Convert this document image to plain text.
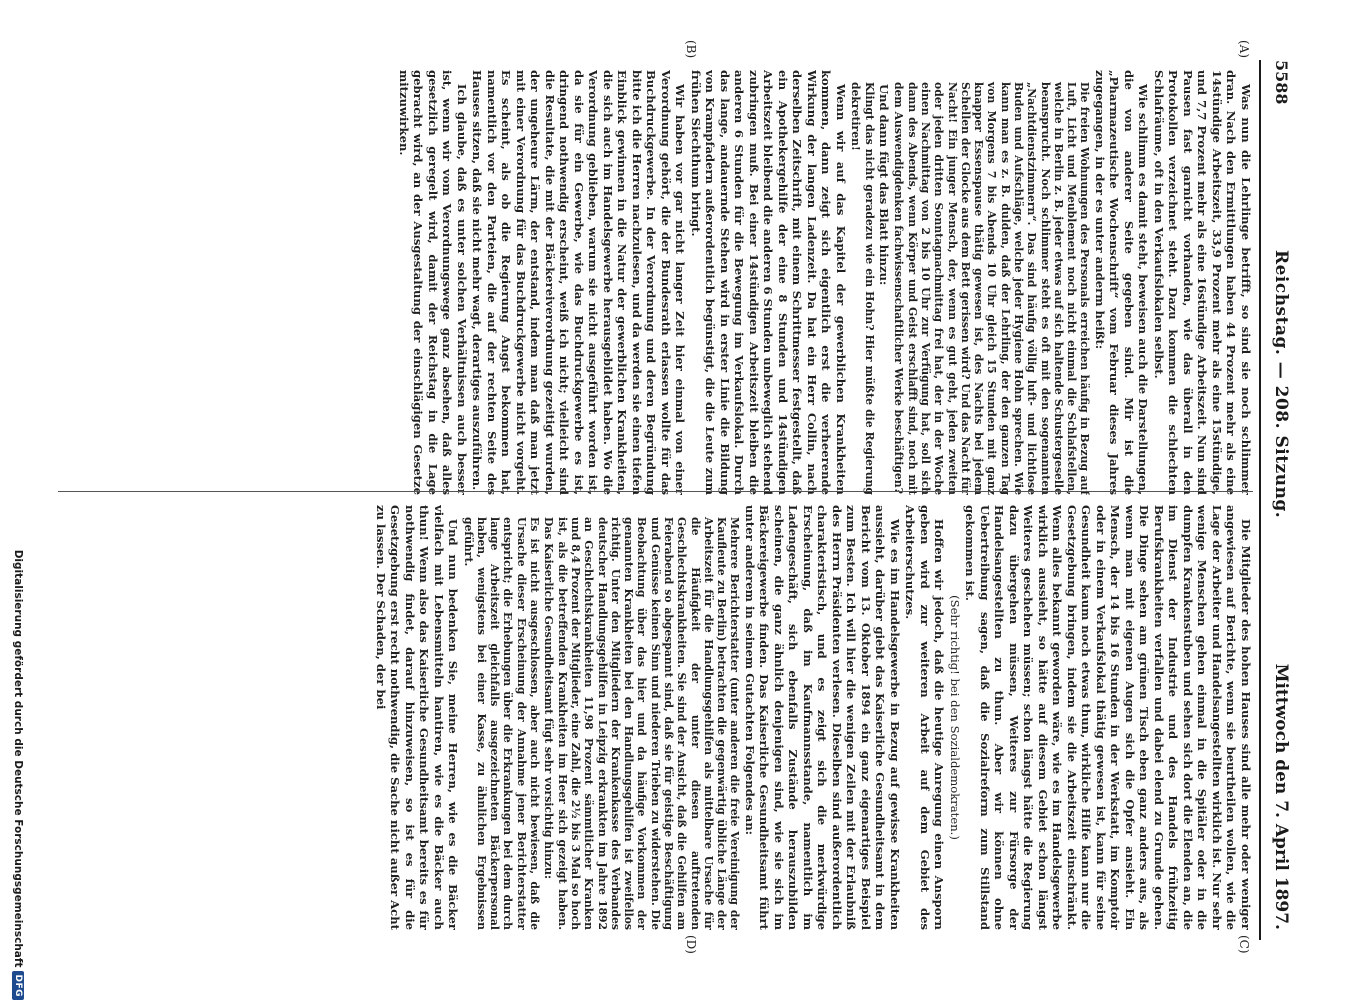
5588
Reichstag. — 208. Sitzung.
Mittwoch den 7. April 1897.
(A)
(B)
(C)
(D)

Was nun die Lehrlinge betrifft, so sind sie noch schlimmer dran. Nach den Ermittlungen haben 44 Prozent mehr als eine 14stündige Arbeitszeit, 33,9 Prozent mehr als eine 15stündige, und 7,7 Prozent mehr als eine 16stündige Arbeitszeit. Nun sind Pausen fast garnicht vorhanden, wie das überall in den Protokollen verzeichnet steht. Dazu kommen die schlechten Schlafräume, oft in den Verkaufslokalen selbst.

Wie schlimm es damit steht, beweisen auch die Darstellungen, die von anderer Seite gegeben sind. Mir ist die „Pharmazeutische Wochenschrift“ vom Februar dieses Jahres zugegangen, in der es unter anderm heißt:

Die freien Wohnungen des Personals erreichen häufig in Bezug auf Luft, Licht und Meublement noch nicht einmal die Schlafstellen, welche in Berlin z. B. jeder etwas auf sich haltende Schustergeselle beansprucht. Noch schlimmer steht es oft mit den sogenannten „Nachtdienstzimmern“. Das sind häufig völlig luft- und lichtlose Buden und Aufschläge, welche jeder Hygiene Hohn sprechen. Wie kann man es z. B. dulden, daß der Lehrling, der den ganzen Tag von Morgens 7 bis Abends 10 Uhr gleich 15 Stunden mit ganz knapper Essenspause thätig gewesen ist, des Nachts bei jedem Schellen der Glocke aus dem Bett gerissen wird? Und das Nacht für Nacht! Ein junger Mensch, der, wenn es gut geht, jeden zweiten oder jeden dritten Sonntagnachmittag frei hat, der in der Woche einen Nachmittag von 2 bis 10 Uhr zur Verfügung hat, soll sich dann des Abends, wenn Körper und Geist erschlafft sind, noch mit dem Auswendigdenken fachwissenschaftlicher Werke beschäftigen?

Und dann fügt das Blatt hinzu:

Klingt das nicht geradezu wie ein Hohn? Hier müßte die Regierung dekretiren!

Wenn wir auf das Kapitel der gewerblichen Krankheiten kommen, dann zeigt sich eigentlich erst die verheerende Wirkung der langen Ladenzeit. Da hat ein Herr Collin, nach derselben Zeitschrift, mit einem Schrittmesser festgestellt, daß ein Apothekergehilfe der eine 8 Stunden und 14stündigen Arbeitszeit bleibend die anderen 6 Stunden unbeweglich stehend zubringen muß. Bei einer 14stündigen Arbeitszeit bleiben die anderen 6 Stunden für die Bewegung im Verkaufslokal. Durch das lange, andauernde Stehen wird in erster Linie die Bildung von Krampfadern außerordentlich begünstigt, die die Leute zum frühen Siechthum bringt.

Wir haben vor gar nicht langer Zeit hier einmal von einer Verordnung gehört, die der Bundesrath erlassen wollte für das Buchdruckgewerbe. In der Verordnung und deren Begründung bitte ich die Herren nachzulesen, und da werden sie einen tiefen Einblick gewinnen in die Natur der gewerblichen Krankheiten, die sich auch im Handelsgewerbe herausgebildet haben. Wo die Verordnung geblieben, warum sie nicht ausgeführt worden ist, da sie für ein Gewerbe, wie das Buchdruckgewerbe es ist, dringend nothwendig erscheint, weiß ich nicht; vielleicht sind die Resultate, die mit der Bäckereiverordnung gezeitigt wurden, der ungeheure Lärm, der entstand, indem man daß man jetzt mit einer Verordnung für das Buchdruckgewerbe nicht vorgeht. Es scheint, als ob die Regierung Angst bekommen hat, namentlich vor den Parteien, die auf der rechten Seite des Hauses sitzen, daß sie nicht mehr wagt, derartiges auszuführen.

Ich glaube, daß es unter solchen Verhältnissen auch besser ist, wenn wir vom Verordnungswege ganz absehen, daß alles gesetzlich geregelt wird, damit der Reichstag in die Lage gebracht wird, an der Ausgestaltung der einschlägigen Gesetze mitzuwirken.

Die Mitglieder des hohen Hauses sind alle mehr oder weniger angewiesen auf Berichte, wenn sie beurtheilen wollen, wie die Lage der Arbeiter und Handelsangestellten wirklich ist. Nur sehr wenige Menschen gehen einmal in die Spitäler oder in die dumpfen Krankenstuben und sehen sich dort die Elenden an, die im Dienst der Industrie und des Handels frühzeitig Berufskrankheiten verfallen und dabei elend zu Grunde gehen. Die Dinge sehen am grünen Tisch eben ganz anders aus, als wenn man mit eigenen Augen sich die Opfer ansieht. Ein Mensch, der 14 bis 16 Stunden in der Werkstatt, im Komptoir oder in einem Verkaufslokal thätig gewesen ist, kann für seine Gesundheit kaum noch etwas thun, wirkliche Hilfe kann nur die Gesetzgebung bringen, indem sie die Arbeitszeit einschränkt. Wenn alles bekannt geworden wäre, wie es im Handelsgewerbe wirklich aussieht, so hätte auf diesem Gebiet schon längst Weiteres geschehen müssen; schon längst hätte die Regierung dazu übergehen müssen, Weiteres zur Fürsorge der Handelsangestellten zu thun. Aber wir können ohne Uebertreibung sagen, daß die Sozialreform zum Stillstand gekommen ist.

(Sehr richtig! bei den Sozialdemokraten.)

Hoffen wir jedoch, daß die heutige Anregung einen Ansporn geben wird zur weiteren Arbeit auf dem Gebiet des Arbeiterschutzes.

Wie es im Handelsgewerbe in Bezug auf gewisse Krankheiten aussieht, darüber giebt das Kaiserliche Gesundheitsamt in dem Bericht vom 13. Oktober 1894 ein ganz eigenartiges Beispiel zum Besten. Ich will hier die wenigen Zeilen mit der Erlaubniß des Herrn Präsidenten verlesen. Dieselben sind außerordentlich charakteristisch, und es zeigt sich die merkwürdige Erscheinung, daß im Kaufmannsstande, namentlich im Ladengeschäft, sich ebenfalls Zustände herauszubilden scheinen, die ganz ähnlich denjenigen sind, wie sie sich im Bäckereigewerbe finden. Das Kaiserliche Gesundheitsamt führt unter anderem in seinem Gutachten Folgendes an:

Mehrere Berichterstatter (unter anderen die freie Vereinigung der Kaufleute zu Berlin) betrachten die gegenwärtig übliche Länge der Arbeitszeit für die Handlungsgehilfen als mittelbare Ursache für die Häufigkeit der unter diesen auftretenden Geschlechtskrankheiten. Sie sind der Ansicht, daß die Gehilfen am Feierabend so abgespannt sind, daß sie für geistige Beschäftigung und Genüsse keinen Sinn und niederen Trieben zu widerstehen. Die Beobachtung über das hier und da häufige Vorkommen der genannten Krankheiten bei den Handlungsgehilfen ist zweifellos richtig. Unter den Mitgliedern der Krankenkasse des Verbandes deutscher Handlungsgehilfen in Leipzig erkrankten im Jahre 1892 an Geschlechtskrankheiten 11,98 Prozent sämmtlicher Kranken und 8,4 Prozent der Mitglieder, eine Zahl, die 2½ bis 3 Mal so hoch ist, als die betreffenden Krankheiten im Heer sich gezeigt haben. Das Kaiserliche Gesundheitsamt fügt sehr vorsichtig hinzu:

Es ist nicht ausgeschlossen, aber auch nicht bewiesen, daß die Ursache dieser Erscheinung der Annahme jener Berichterstatter entspricht; die Erhebungen über die Erkrankungen bei dem durch lange Arbeitszeit gleichfalls ausgezeichneten Bäckerpersonal haben, wenigstens bei einer Kasse, zu ähnlichen Ergebnissen geführt.

Und nun bedenken Sie, meine Herren, wie es die Bäcker vielfach mit Lebensmitteln hantiren, wie es die Bäcker auch thun! Wenn also das Kaiserliche Gesundheitsamt bereits es für nothwendig findet, darauf hinzuweisen, so ist es für die Gesetzgebung erst recht nothwendig, die Sache nicht außer Acht zu lassen. Der Schaden, der bei

Digitalisierung gefördert durch die Deutsche Forschungsgemeinschaft
DFG
